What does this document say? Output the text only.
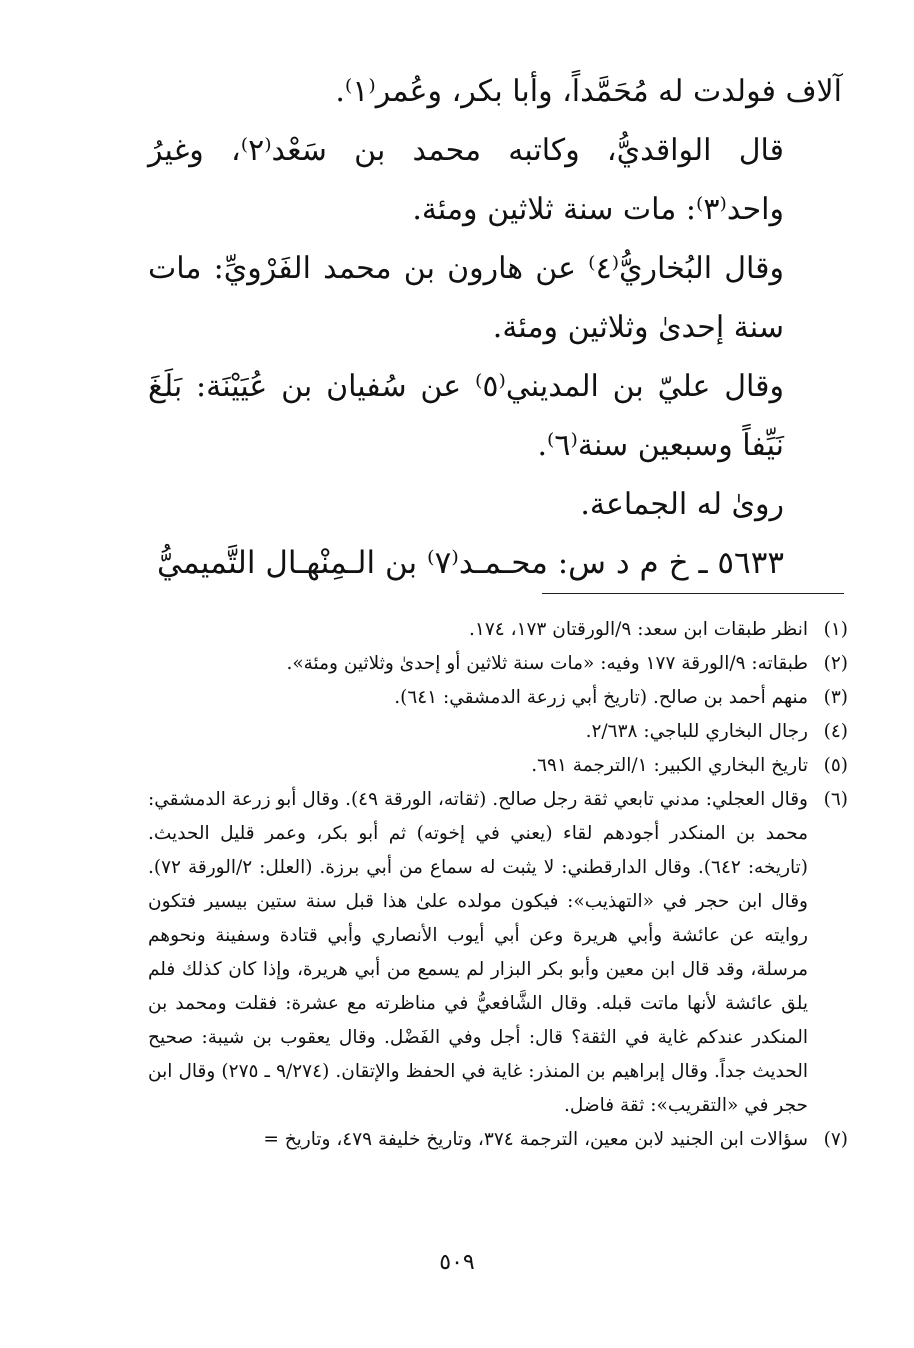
آلاف فولدت له مُحَمَّداً، وأبا بكر، وعُمر⁽١⁾.

قال الواقديُّ، وكاتبه محمد بن سَعْد⁽٢⁾، وغيرُ واحد⁽٣⁾: مات سنة ثلاثين ومئة.

وقال البُخاريُّ⁽٤⁾ عن هارون بن محمد الفَرْويِّ: مات سنة إحدىٰ وثلاثين ومئة.

وقال عليّ بن المديني⁽٥⁾ عن سُفيان بن عُيَيْنَة: بَلَغَ نَيِّفاً وسبعين سنة⁽٦⁾.

روىٰ له الجماعة.

٥٦٣٣ ـ خ م د س: محـمـد⁽٧⁾ بن الـمِنْهـال التَّميميُّ

(١)
انظر طبقات ابن سعد: ٩/الورقتان ١٧٣، ١٧٤.
(٢)
طبقاته: ٩/الورقة ١٧٧ وفيه: «مات سنة ثلاثين أو إحدىٰ وثلاثين ومئة».
(٣)
منهم أحمد بن صالح. (تاريخ أبي زرعة الدمشقي: ٦٤١).
(٤)
رجال البخاري للباجي: ٢/٦٣٨.
(٥)
تاريخ البخاري الكبير: ١/الترجمة ٦٩١.
(٦)
وقال العجلي: مدني تابعي ثقة رجل صالح. (ثقاته، الورقة ٤٩). وقال أبو زرعة الدمشقي: محمد بن المنكدر أجودهم لقاء (يعني في إخوته) ثم أبو بكر، وعمر قليل الحديث. (تاريخه: ٦٤٢). وقال الدارقطني: لا يثبت له سماع من أبي برزة. (العلل: ٢/الورقة ٧٢). وقال ابن حجر في «التهذيب»: فيكون مولده علىٰ هذا قبل سنة ستين بيسير فتكون روايته عن عائشة وأبي هريرة وعن أبي أيوب الأنصاري وأبي قتادة وسفينة ونحوهم مرسلة، وقد قال ابن معين وأبو بكر البزار لم يسمع من أبي هريرة، وإذا كان كذلك فلم يلق عائشة لأنها ماتت قبله. وقال الشَّافعيُّ في مناظرته مع عشرة: فقلت ومحمد بن المنكدر عندكم غاية في الثقة؟ قال: أجل وفي الفَضْل. وقال يعقوب بن شيبة: صحيح الحديث جداً. وقال إبراهيم بن المنذر: غاية في الحفظ والإتقان. (٩/٢٧٤ ـ ٢٧٥) وقال ابن حجر في «التقريب»: ثقة فاضل.
(٧)
سؤالات ابن الجنيد لابن معين، الترجمة ٣٧٤، وتاريخ خليفة ٤٧٩، وتاريخ =
٥٠٩
